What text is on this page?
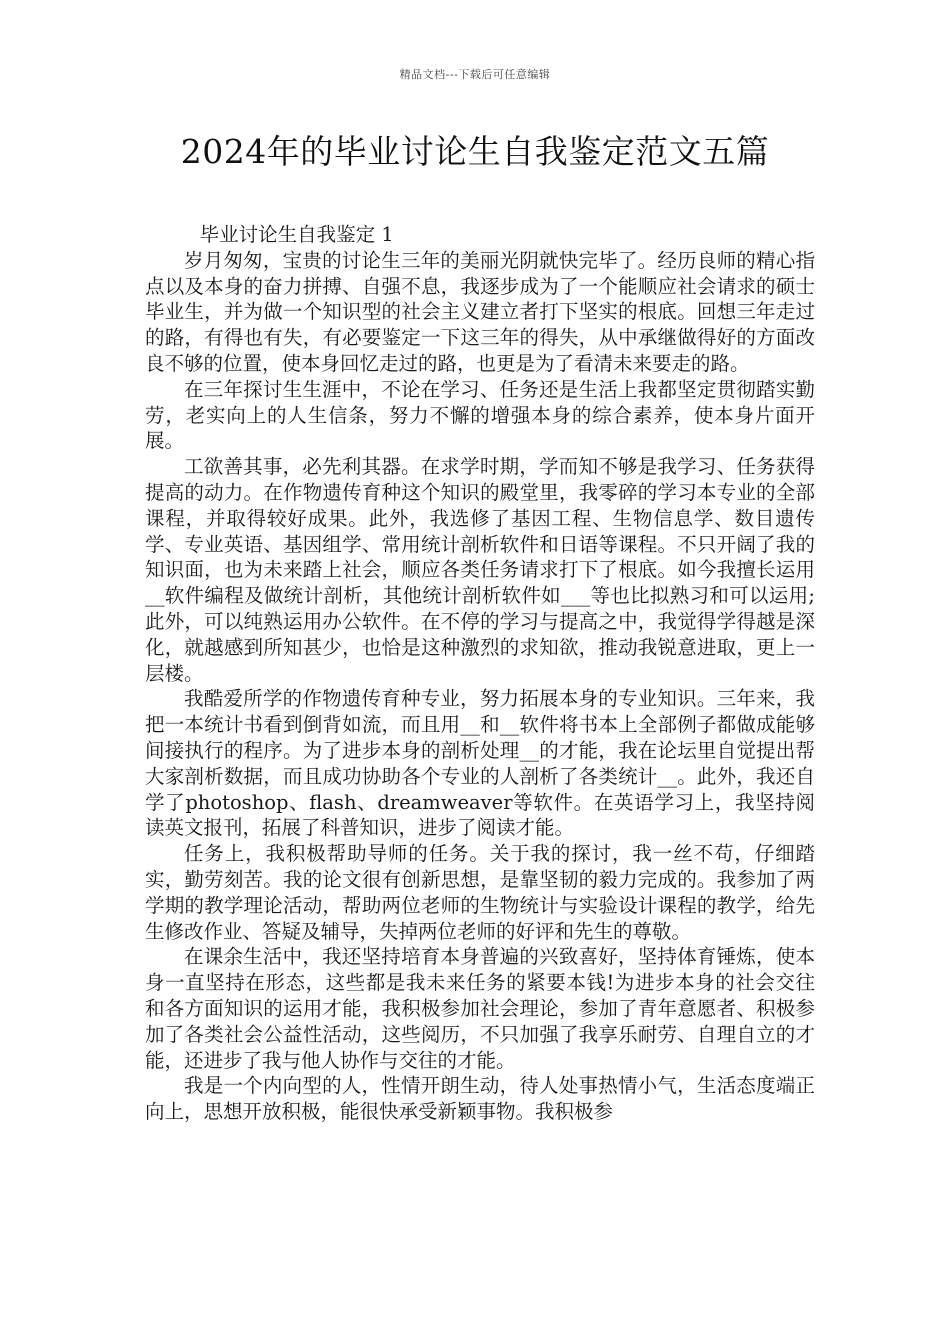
精品文档---下载后可任意编辑
2024年的毕业讨论生自我鉴定范文五篇

毕业讨论生自我鉴定 1

岁月匆匆，宝贵的讨论生三年的美丽光阴就快完毕了。经历良师的精心指点以及本身的奋力拼搏、自强不息，我逐步成为了一个能顺应社会请求的硕士毕业生，并为做一个知识型的社会主义建立者打下坚实的根底。回想三年走过的路，有得也有失，有必要鉴定一下这三年的得失，从中承继做得好的方面改良不够的位置，使本身回忆走过的路，也更是为了看清未来要走的路。

在三年探讨生生涯中，不论在学习、任务还是生活上我都坚定贯彻踏实勤劳，老实向上的人生信条，努力不懈的增强本身的综合素养，使本身片面开展。

工欲善其事，必先利其器。在求学时期，学而知不够是我学习、任务获得提高的动力。在作物遗传育种这个知识的殿堂里，我零碎的学习本专业的全部课程，并取得较好成果。此外，我选修了基因工程、生物信息学、数目遗传学、专业英语、基因组学、常用统计剖析软件和日语等课程。不只开阔了我的知识面，也为未来踏上社会，顺应各类任务请求打下了根底。如今我擅长运用__软件编程及做统计剖析，其他统计剖析软件如___等也比拟熟习和可以运用;此外，可以纯熟运用办公软件。在不停的学习与提高之中，我觉得学得越是深化，就越感到所知甚少，也恰是这种激烈的求知欲，推动我锐意进取，更上一层楼。

我酷爱所学的作物遗传育种专业，努力拓展本身的专业知识。三年来，我把一本统计书看到倒背如流，而且用__和__软件将书本上全部例子都做成能够间接执行的程序。为了进步本身的剖析处理__的才能，我在论坛里自觉提出帮大家剖析数据，而且成功协助各个专业的人剖析了各类统计__。此外，我还自学了photoshop、flash、dreamweaver等软件。在英语学习上，我坚持阅读英文报刊，拓展了科普知识，进步了阅读才能。

任务上，我积极帮助导师的任务。关于我的探讨，我一丝不苟，仔细踏实，勤劳刻苦。我的论文很有创新思想，是靠坚韧的毅力完成的。我参加了两学期的教学理论活动，帮助两位老师的生物统计与实验设计课程的教学，给先生修改作业、答疑及辅导，失掉两位老师的好评和先生的尊敬。

在课余生活中，我还坚持培育本身普遍的兴致喜好，坚持体育锤炼，使本身一直坚持在形态，这些都是我未来任务的紧要本钱!为进步本身的社会交往和各方面知识的运用才能，我积极参加社会理论，参加了青年意愿者、积极参加了各类社会公益性活动，这些阅历，不只加强了我享乐耐劳、自理自立的才能，还进步了我与他人协作与交往的才能。

我是一个内向型的人，性情开朗生动，待人处事热情小气，生活态度端正向上，思想开放积极，能很快承受新颖事物。我积极参
